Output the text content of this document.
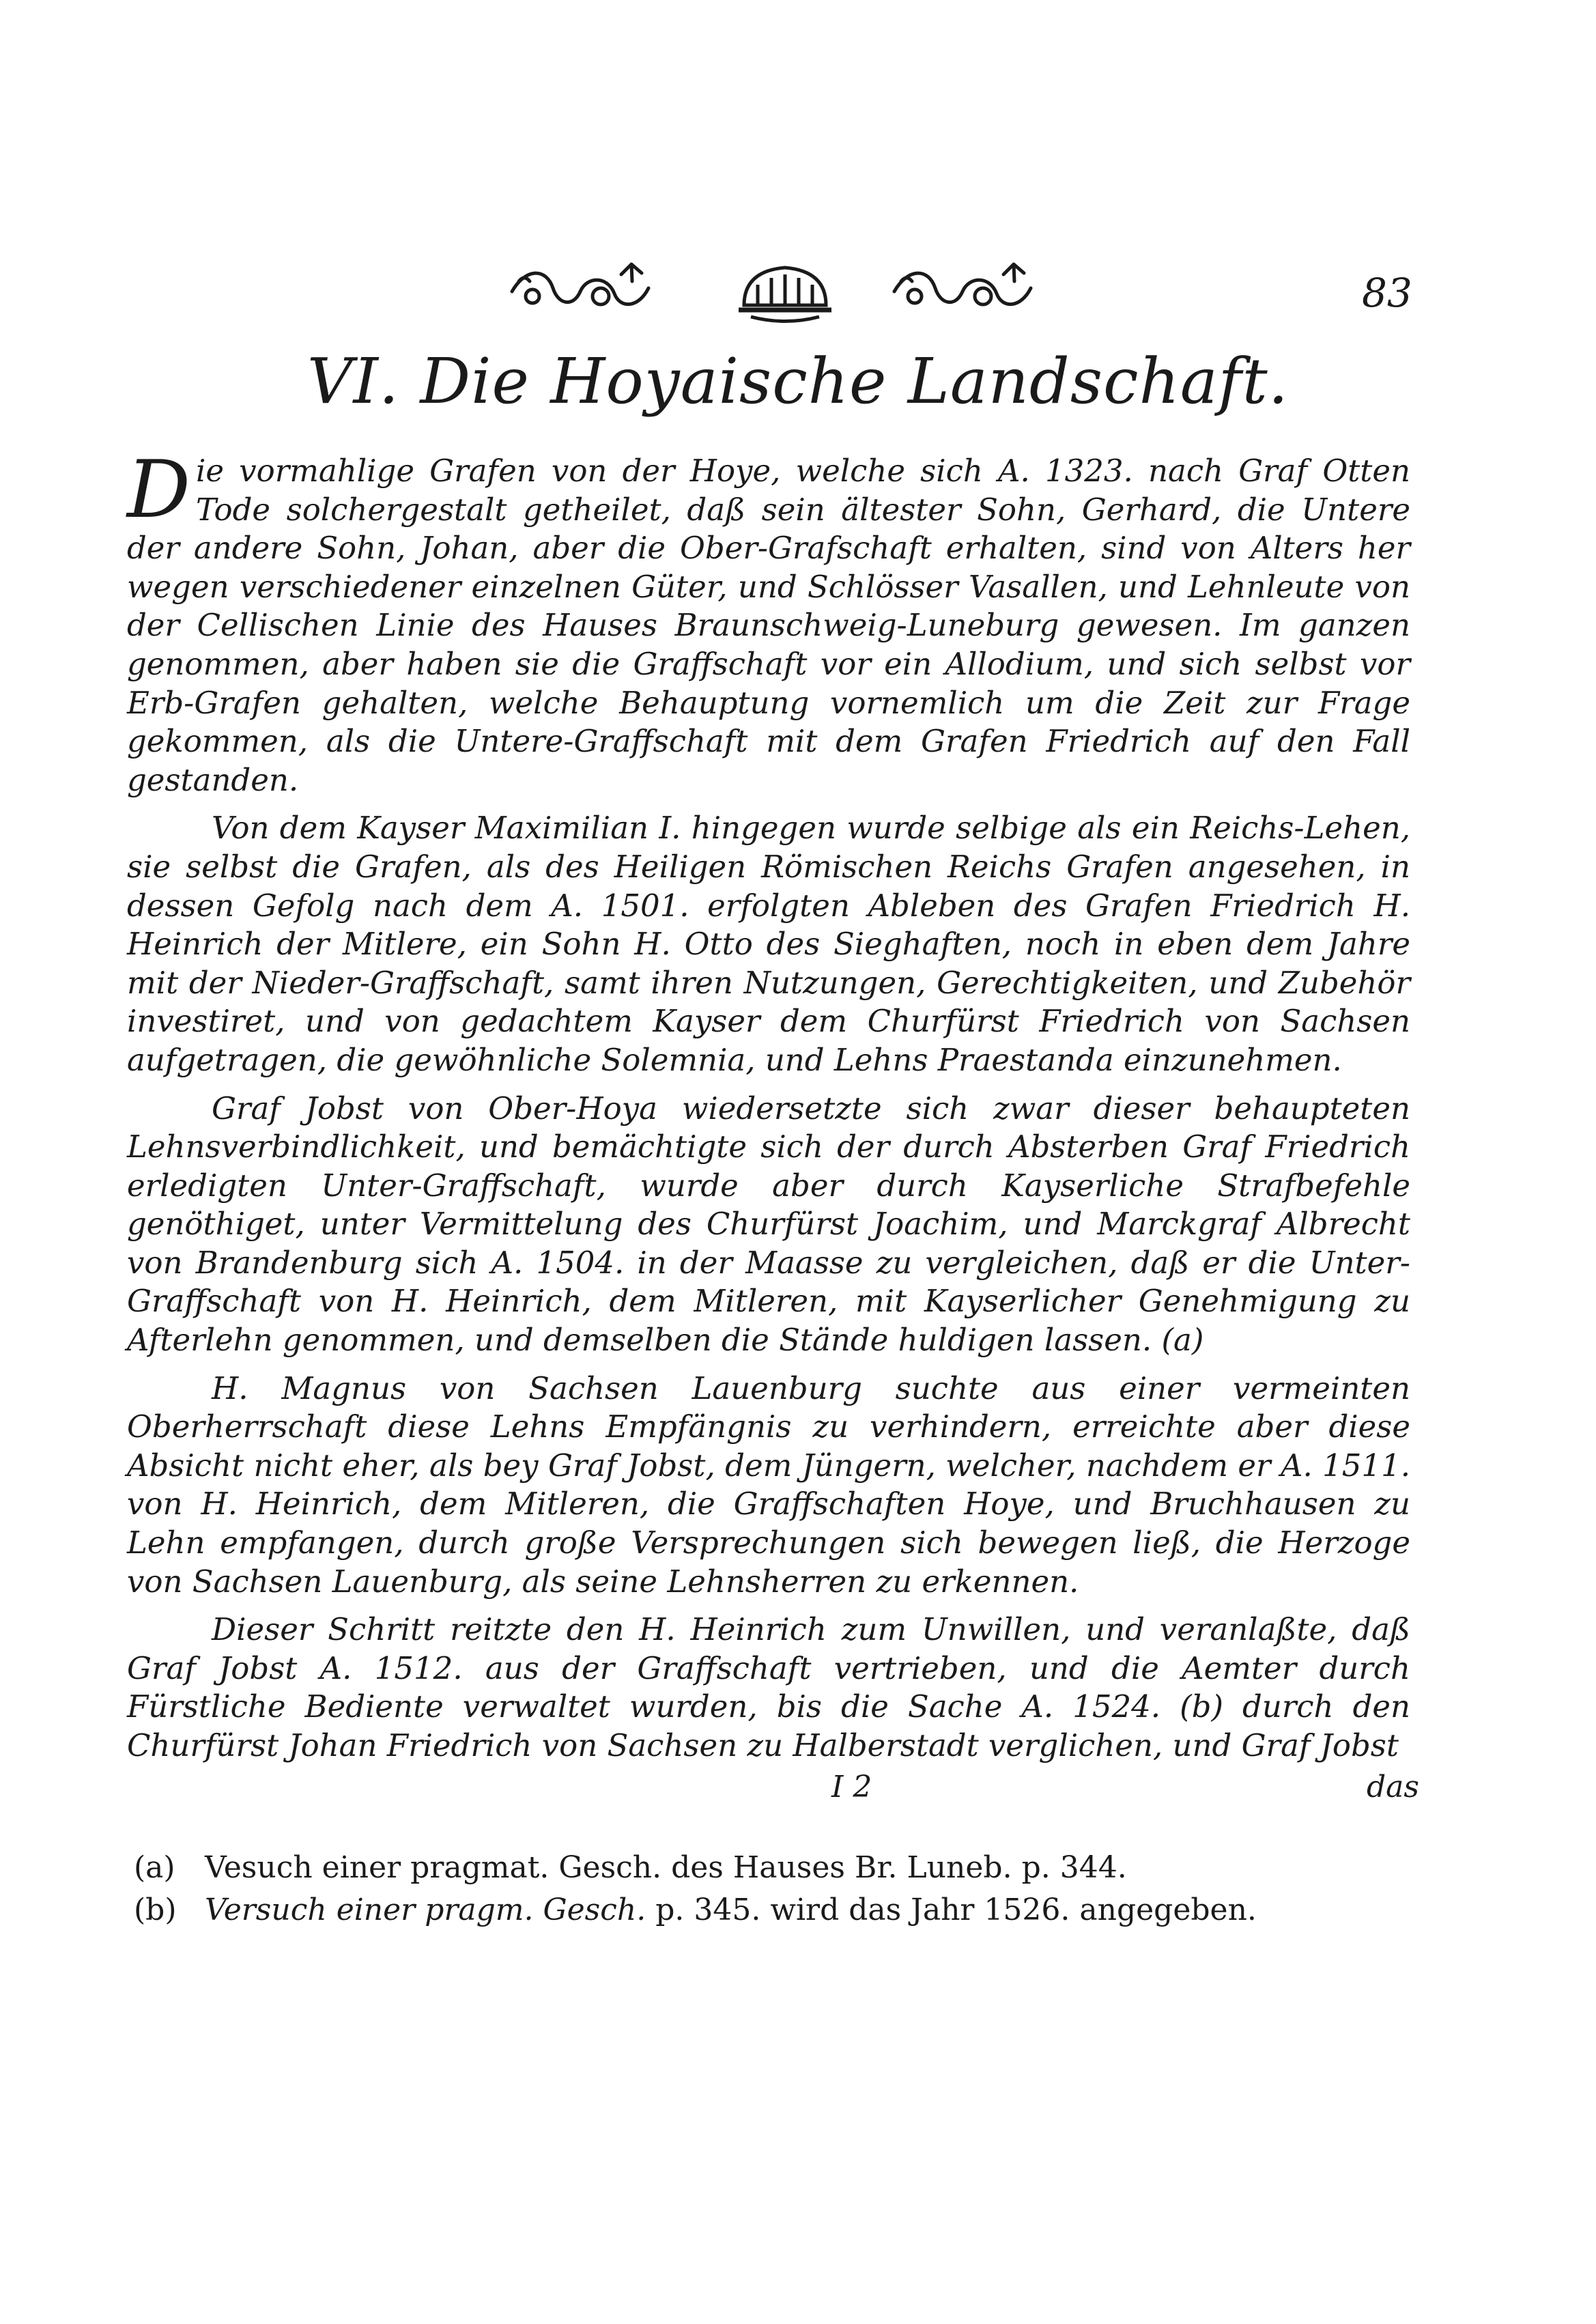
83
VI. Die Hoyaische Landschaft.

Die vormahlige Grafen von der Hoye, welche sich A. 1323. nach Graf Otten Tode solchergestalt getheilet, daß sein ältester Sohn, Gerhard, die Untere der andere Sohn, Johan, aber die Ober-Grafschaft erhalten, sind von Alters her wegen verschiedener einzelnen Güter, und Schlösser Vasallen, und Lehnleute von der Cellischen Linie des Hauses Braunschweig-Luneburg gewesen. Im ganzen genommen, aber haben sie die Graffschaft vor ein Allodium, und sich selbst vor Erb-Grafen gehalten, welche Behauptung vornemlich um die Zeit zur Frage gekommen, als die Untere-Graffschaft mit dem Grafen Friedrich auf den Fall gestanden.

Von dem Kayser Maximilian I. hingegen wurde selbige als ein Reichs-Lehen, sie selbst die Grafen, als des Heiligen Römischen Reichs Grafen angesehen, in dessen Gefolg nach dem A. 1501. erfolgten Ableben des Grafen Friedrich H. Heinrich der Mitlere, ein Sohn H. Otto des Sieghaften, noch in eben dem Jahre mit der Nieder-Graffschaft, samt ihren Nutzungen, Gerechtigkeiten, und Zubehör investiret, und von gedachtem Kayser dem Churfürst Friedrich von Sachsen aufgetragen, die gewöhnliche Solemnia, und Lehns Praestanda einzunehmen.

Graf Jobst von Ober-Hoya wiedersetzte sich zwar dieser behaupteten Lehnsverbindlichkeit, und bemächtigte sich der durch Absterben Graf Friedrich erledigten Unter-Graffschaft, wurde aber durch Kayserliche Strafbefehle genöthiget, unter Vermittelung des Churfürst Joachim, und Marckgraf Albrecht von Brandenburg sich A. 1504. in der Maasse zu vergleichen, daß er die Unter-Graffschaft von H. Heinrich, dem Mitleren, mit Kayserlicher Genehmigung zu Afterlehn genommen, und demselben die Stände huldigen lassen. (a)

H. Magnus von Sachsen Lauenburg suchte aus einer vermeinten Oberherrschaft diese Lehns Empfängnis zu verhindern, erreichte aber diese Absicht nicht eher, als bey Graf Jobst, dem Jüngern, welcher, nachdem er A. 1511. von H. Heinrich, dem Mitleren, die Graffschaften Hoye, und Bruchhausen zu Lehn empfangen, durch große Versprechungen sich bewegen ließ, die Herzoge von Sachsen Lauenburg, als seine Lehnsherren zu erkennen.

Dieser Schritt reitzte den H. Heinrich zum Unwillen, und veranlaßte, daß Graf Jobst A. 1512. aus der Graffschaft vertrieben, und die Aemter durch Fürstliche Bediente verwaltet wurden, bis die Sache A. 1524. (b) durch den Churfürst Johan Friedrich von Sachsen zu Halberstadt verglichen, und Graf Jobst

I 2	das
(a) Vesuch einer pragmat. Gesch. des Hauses Br. Luneb. p. 344.
(b) Versuch einer pragm. Gesch. p. 345. wird das Jahr 1526. angegeben.
